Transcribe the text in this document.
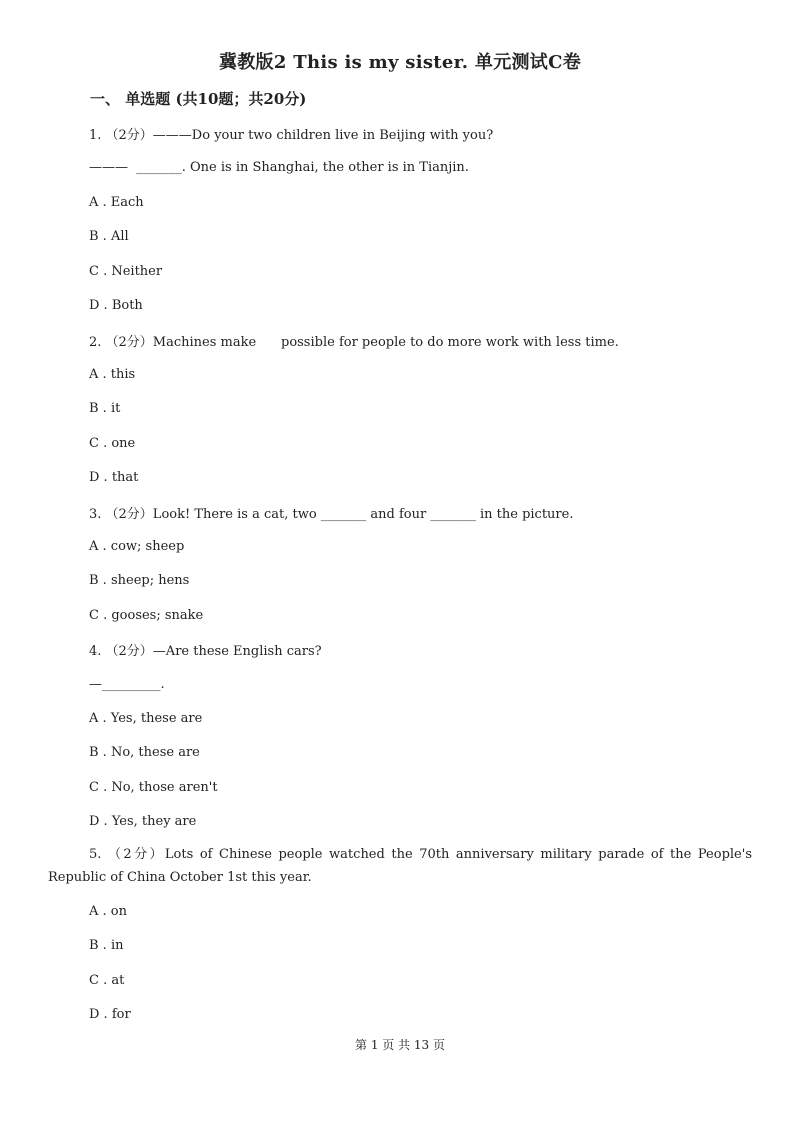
冀教版2 This is my sister. 单元测试C卷
一、 单选题 (共10题；共20分)
1. （2分）———Do your two children live in Beijing with you?
———  _______. One is in Shanghai, the other is in Tianjin.
A . Each
B . All
C . Neither
D . Both
2. （2分）Machines make      possible for people to do more work with less time.
A . this
B . it
C . one
D . that
3. （2分）Look! There is a cat, two _______ and four _______ in the picture.
A . cow; sheep
B . sheep; hens
C . gooses; snake
4. （2分）—Are these English cars?
—_________.
A . Yes, these are
B . No, these are
C . No, those aren't
D . Yes, they are
5. （2分）Lots of Chinese people watched the 70th anniversary military parade of the People's Republic of China October 1st this year.
A . on
B . in
C . at
D . for
第 1 页 共 13 页
